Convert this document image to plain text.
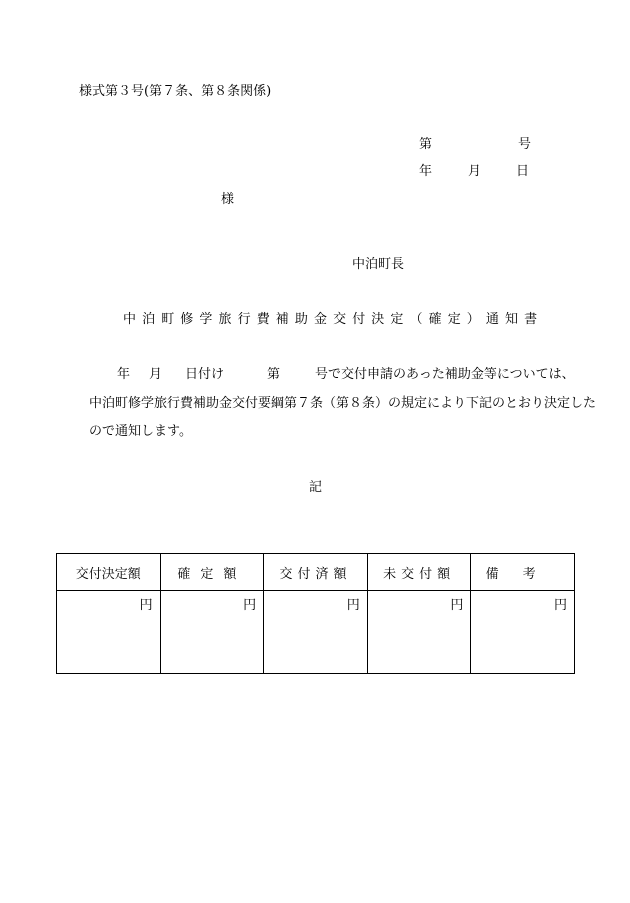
様式第３号(第７条、第８条関係)
第	号
年	月	日
様
中泊町長
中泊町修学旅行費補助金交付決定（確定）通知書
年 月 日付け	第	号で交付申請のあった補助金等については、
中泊町修学旅行費補助金交付要綱第７条（第８条）の規定により下記のとおり決定した
ので通知します。
記
交付決定額	確定額	交付済額	未交付額	備考
円	円	円	円	円
